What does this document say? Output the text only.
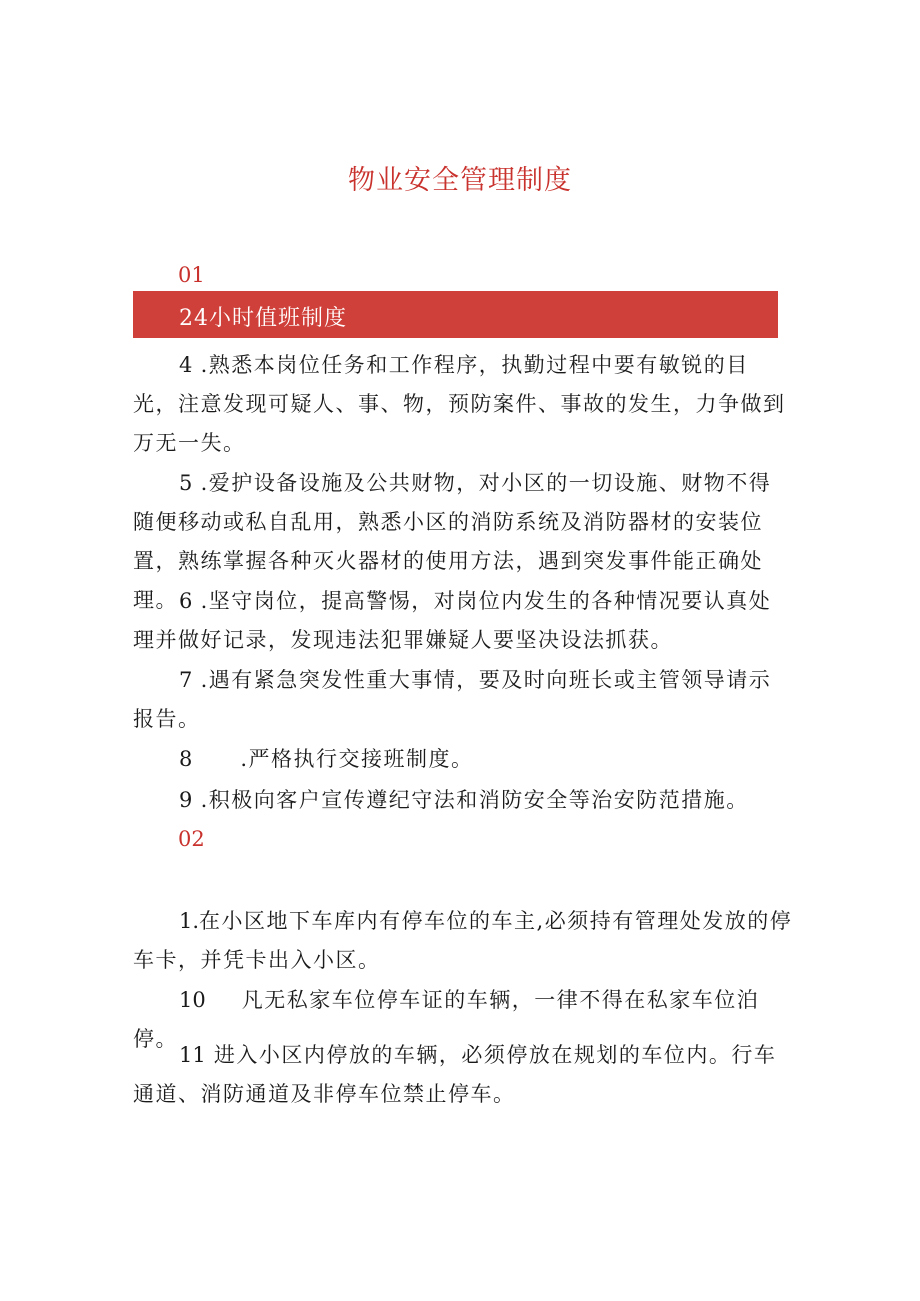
物业安全管理制度
01
24小时值班制度

4 .熟悉本岗位任务和工作程序，执勤过程中要有敏锐的目光，注意发现可疑人、事、物，预防案件、事故的发生，力争做到万无一失。

5 .爱护设备设施及公共财物，对小区的一切设施、财物不得随便移动或私自乱用，熟悉小区的消防系统及消防器材的安装位置，熟练掌握各种灭火器材的使用方法，遇到突发事件能正确处理。 6 .坚守岗位，提高警惕，对岗位内发生的各种情况要认真处理并做好记录，发现违法犯罪嫌疑人要坚决设法抓获。

7 .遇有紧急突发性重大事情，要及时向班长或主管领导请示报告。

8 .严格执行交接班制度。

9 .积极向客户宣传遵纪守法和消防安全等治安防范措施。

02

1.在小区地下车库内有停车位的车主,必须持有管理处发放的停车卡，并凭卡出入小区。

10 凡无私家车位停车证的车辆，一律不得在私家车位泊停。

11 进入小区内停放的车辆，必须停放在规划的车位内。行车通道、消防通道及非停车位禁止停车。
